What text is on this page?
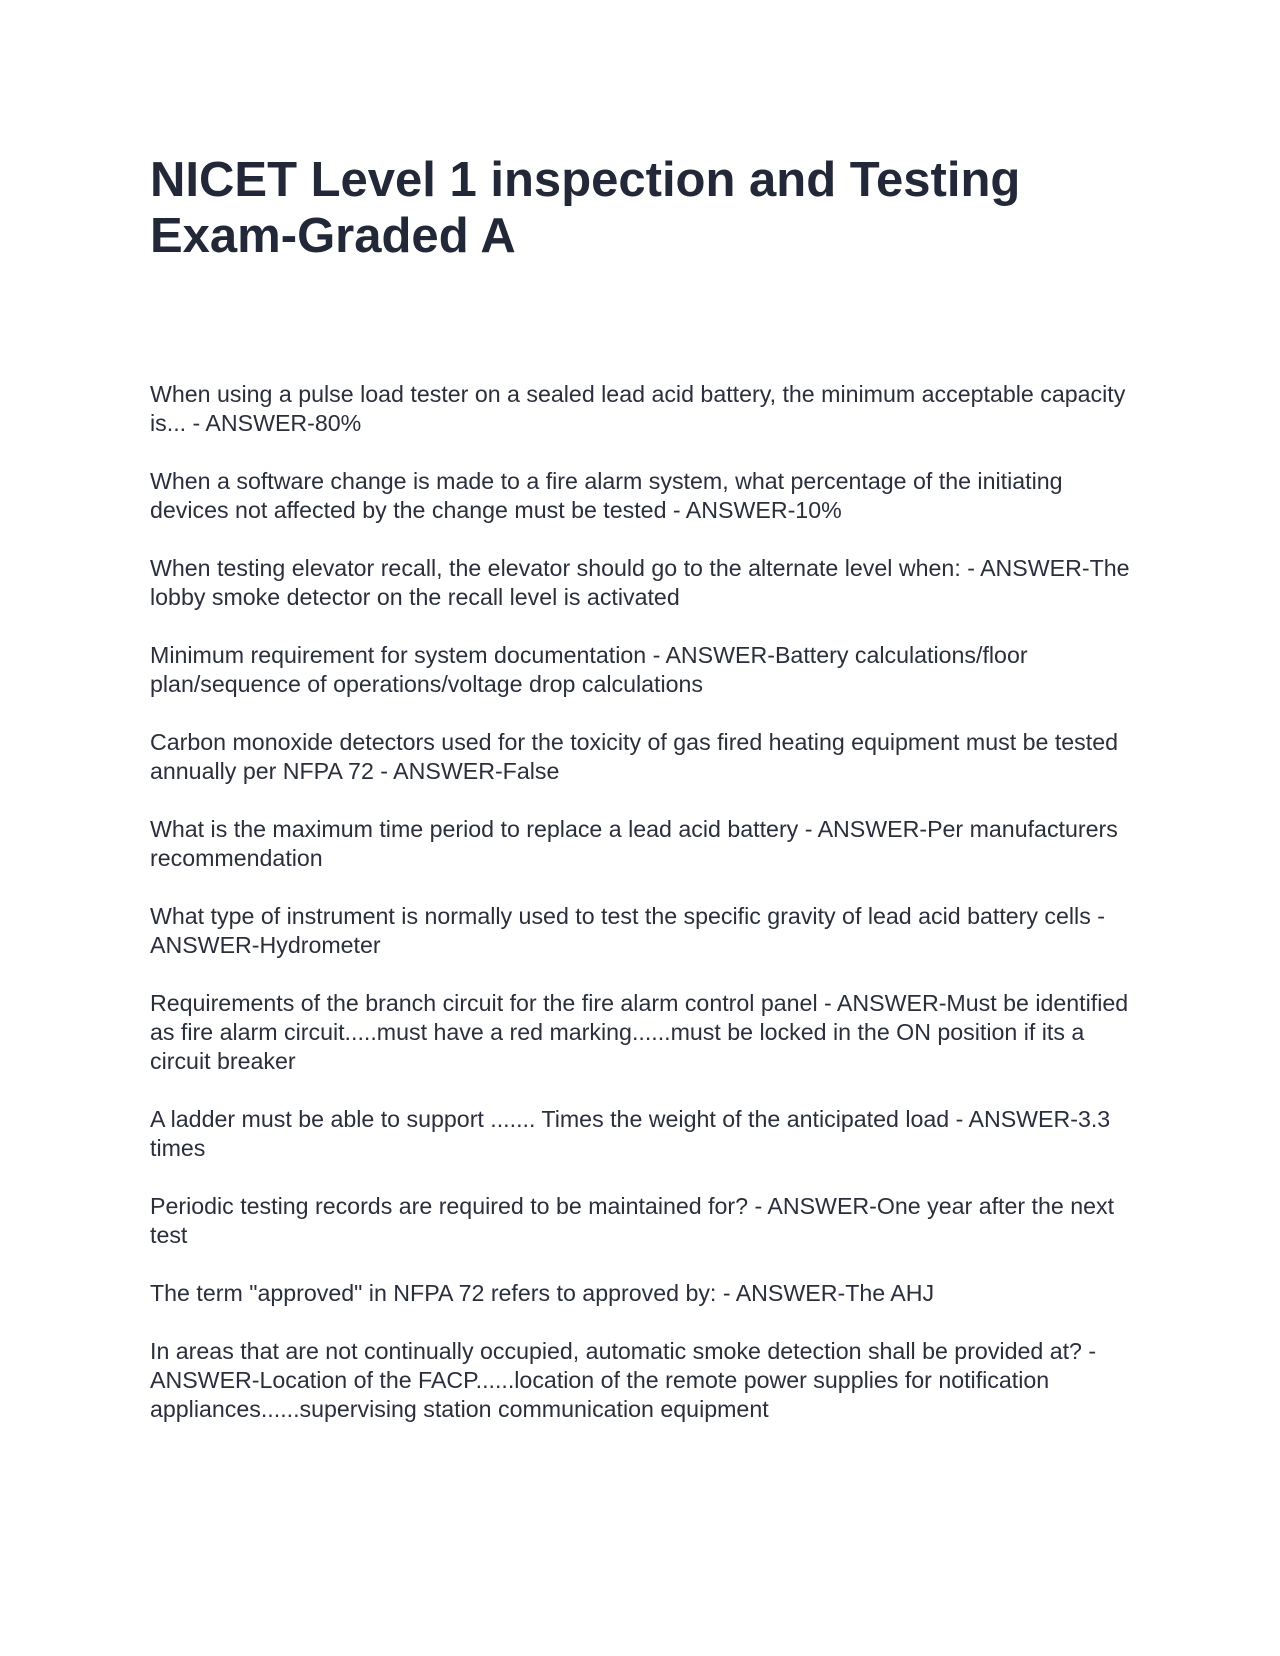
NICET Level 1 inspection and Testing Exam-Graded A

When using a pulse load tester on a sealed lead acid battery, the minimum acceptable capacity is... - ANSWER-80%

When a software change is made to a fire alarm system, what percentage of the initiating devices not affected by the change must be tested - ANSWER-10%

When testing elevator recall, the elevator should go to the alternate level when: - ANSWER-The lobby smoke detector on the recall level is activated

Minimum requirement for system documentation - ANSWER-Battery calculations/floor plan/sequence of operations/voltage drop calculations

Carbon monoxide detectors used for the toxicity of gas fired heating equipment must be tested annually per NFPA 72 - ANSWER-False

What is the maximum time period to replace a lead acid battery - ANSWER-Per manufacturers recommendation

What type of instrument is normally used to test the specific gravity of lead acid battery cells - ANSWER-Hydrometer

Requirements of the branch circuit for the fire alarm control panel - ANSWER-Must be identified as fire alarm circuit.....must have a red marking......must be locked in the ON position if its a circuit breaker

A ladder must be able to support ....... Times the weight of the anticipated load - ANSWER-3.3 times

Periodic testing records are required to be maintained for? - ANSWER-One year after the next test

The term "approved" in NFPA 72 refers to approved by: - ANSWER-The AHJ

In areas that are not continually occupied, automatic smoke detection shall be provided at? - ANSWER-Location of the FACP......location of the remote power supplies for notification appliances......supervising station communication equipment
